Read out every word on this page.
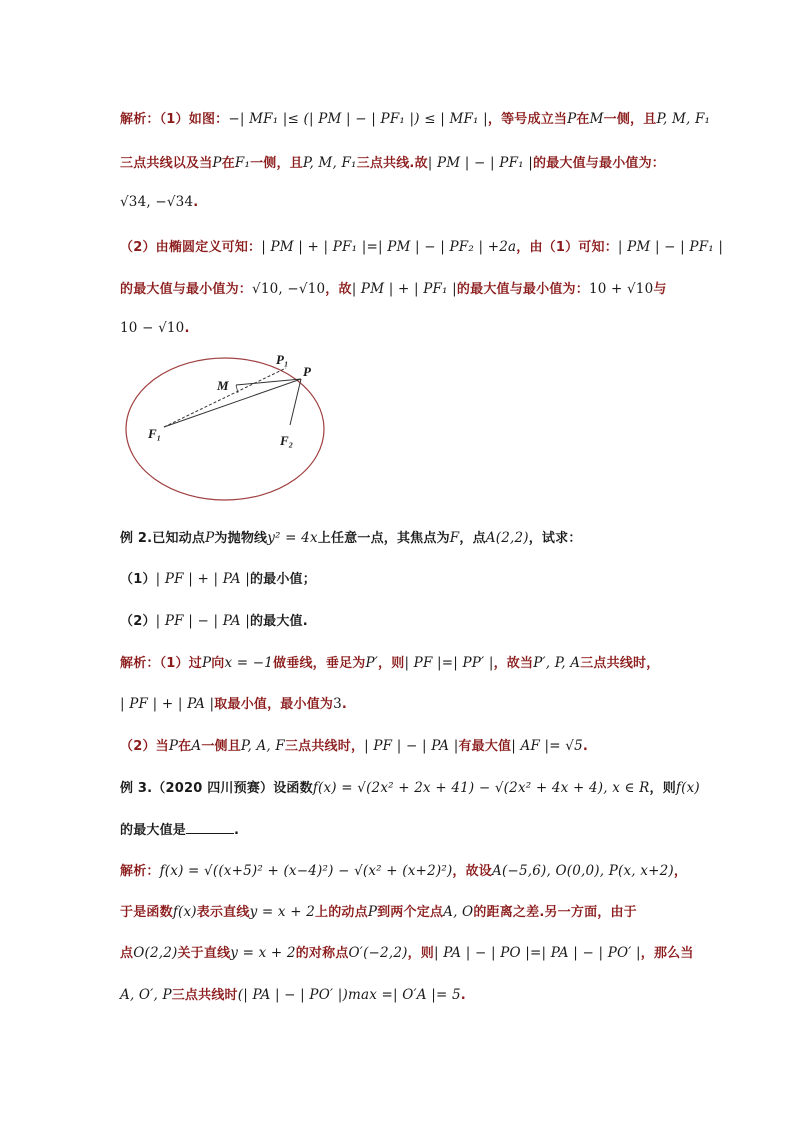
解析：（1）如图：−| MF₁ |≤ (| PM | − | PF₁ |) ≤ | MF₁ |，等号成立当P在M一侧，且P, M, F₁
三点共线以及当P在F₁一侧，且P, M, F₁三点共线.故| PM | − | PF₁ |的最大值与最小值为：
√34, −√34.
（2）由椭圆定义可知：| PM | + | PF₁ |=| PM | − | PF₂ | +2a，由（1）可知：| PM | − | PF₁ |
的最大值与最小值为：√10, −√10，故| PM | + | PF₁ |的最大值与最小值为：10 + √10与
10 − √10.
P₁
P
M
F₁	F₂
例 2.已知动点P为抛物线y² = 4x上任意一点，其焦点为F，点A(2,2)，试求：
（1）| PF | + | PA |的最小值；
（2）| PF | − | PA |的最大值.
解析：（1）过P向x = −1做垂线，垂足为P′，则| PF |=| PP′ |，故当P′, P, A三点共线时，
| PF | + | PA |取最小值，最小值为3.
（2）当P在A一侧且P, A, F三点共线时，| PF | − | PA |有最大值| AF |= √5.
例 3.（2020 四川预赛）设函数f(x) = √(2x² + 2x + 41) − √(2x² + 4x + 4), x ∈ R，则f(x)
的最大值是	.
解析：f(x) = √((x+5)² + (x−4)²) − √(x² + (x+2)²)，故设A(−5,6), O(0,0), P(x, x+2)，
于是函数f(x)表示直线y = x + 2上的动点P到两个定点A, O的距离之差.另一方面，由于
点O(2,2)关于直线y = x + 2的对称点O′(−2,2)，则| PA | − | PO |=| PA | − | PO′ |，那么当
A, O′, P三点共线时(| PA | − | PO′ |)max =| O′A |= 5.
